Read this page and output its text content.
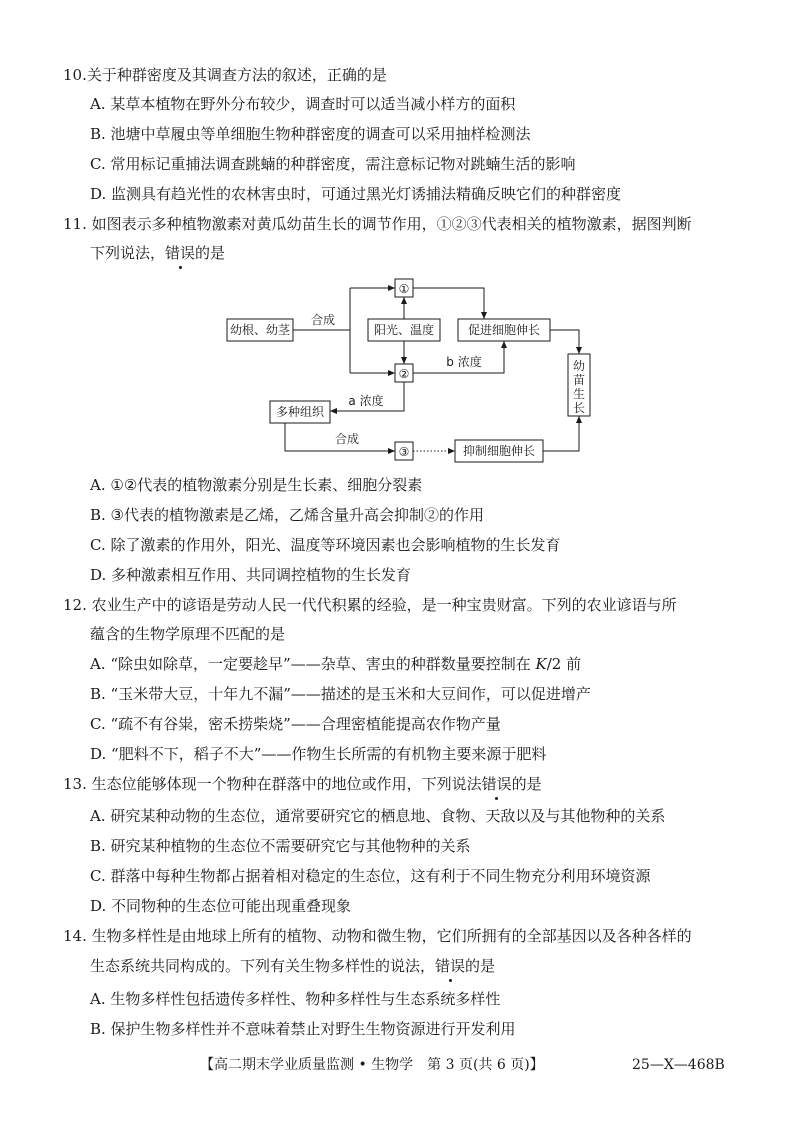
10.关于种群密度及其调查方法的叙述，正确的是
A. 某草本植物在野外分布较少，调查时可以适当减小样方的面积
B. 池塘中草履虫等单细胞生物种群密度的调查可以采用抽样检测法
C. 常用标记重捕法调查跳蝻的种群密度，需注意标记物对跳蝻生活的影响
D. 监测具有趋光性的农林害虫时，可通过黑光灯诱捕法精确反映它们的种群密度
11. 如图表示多种植物激素对黄瓜幼苗生长的调节作用，①②③代表相关的植物激素，据图判断
下列说法，错误的是
幼根、幼茎
①
阳光、温度
②
促进细胞伸长
幼
苗
生
长
多种组织
③	抑制细胞伸长
合成
b 浓度
a 浓度
合成
A. ①②代表的植物激素分别是生长素、细胞分裂素
B. ③代表的植物激素是乙烯，乙烯含量升高会抑制②的作用
C. 除了激素的作用外，阳光、温度等环境因素也会影响植物的生长发育
D. 多种激素相互作用、共同调控植物的生长发育
12. 农业生产中的谚语是劳动人民一代代积累的经验，是一种宝贵财富。下列的农业谚语与所
蕴含的生物学原理不匹配的是
A. “除虫如除草，一定要趁早”——杂草、害虫的种群数量要控制在 K/2 前
B. “玉米带大豆，十年九不漏”——描述的是玉米和大豆间作，可以促进增产
C. “疏不有谷粜，密禾捞柴烧”——合理密植能提高农作物产量
D. “肥料不下，稻子不大”——作物生长所需的有机物主要来源于肥料
13. 生态位能够体现一个物种在群落中的地位或作用，下列说法错误的是
A. 研究某种动物的生态位，通常要研究它的栖息地、食物、天敌以及与其他物种的关系
B. 研究某种植物的生态位不需要研究它与其他物种的关系
C. 群落中每种生物都占据着相对稳定的生态位，这有利于不同生物充分利用环境资源
D. 不同物种的生态位可能出现重叠现象
14. 生物多样性是由地球上所有的植物、动物和微生物，它们所拥有的全部基因以及各种各样的
生态系统共同构成的。下列有关生物多样性的说法，错误的是
A. 生物多样性包括遗传多样性、物种多样性与生态系统多样性
B. 保护生物多样性并不意味着禁止对野生生物资源进行开发利用
【高二期末学业质量监测 • 生物学　第 3 页(共 6 页)】	25—X—468B
